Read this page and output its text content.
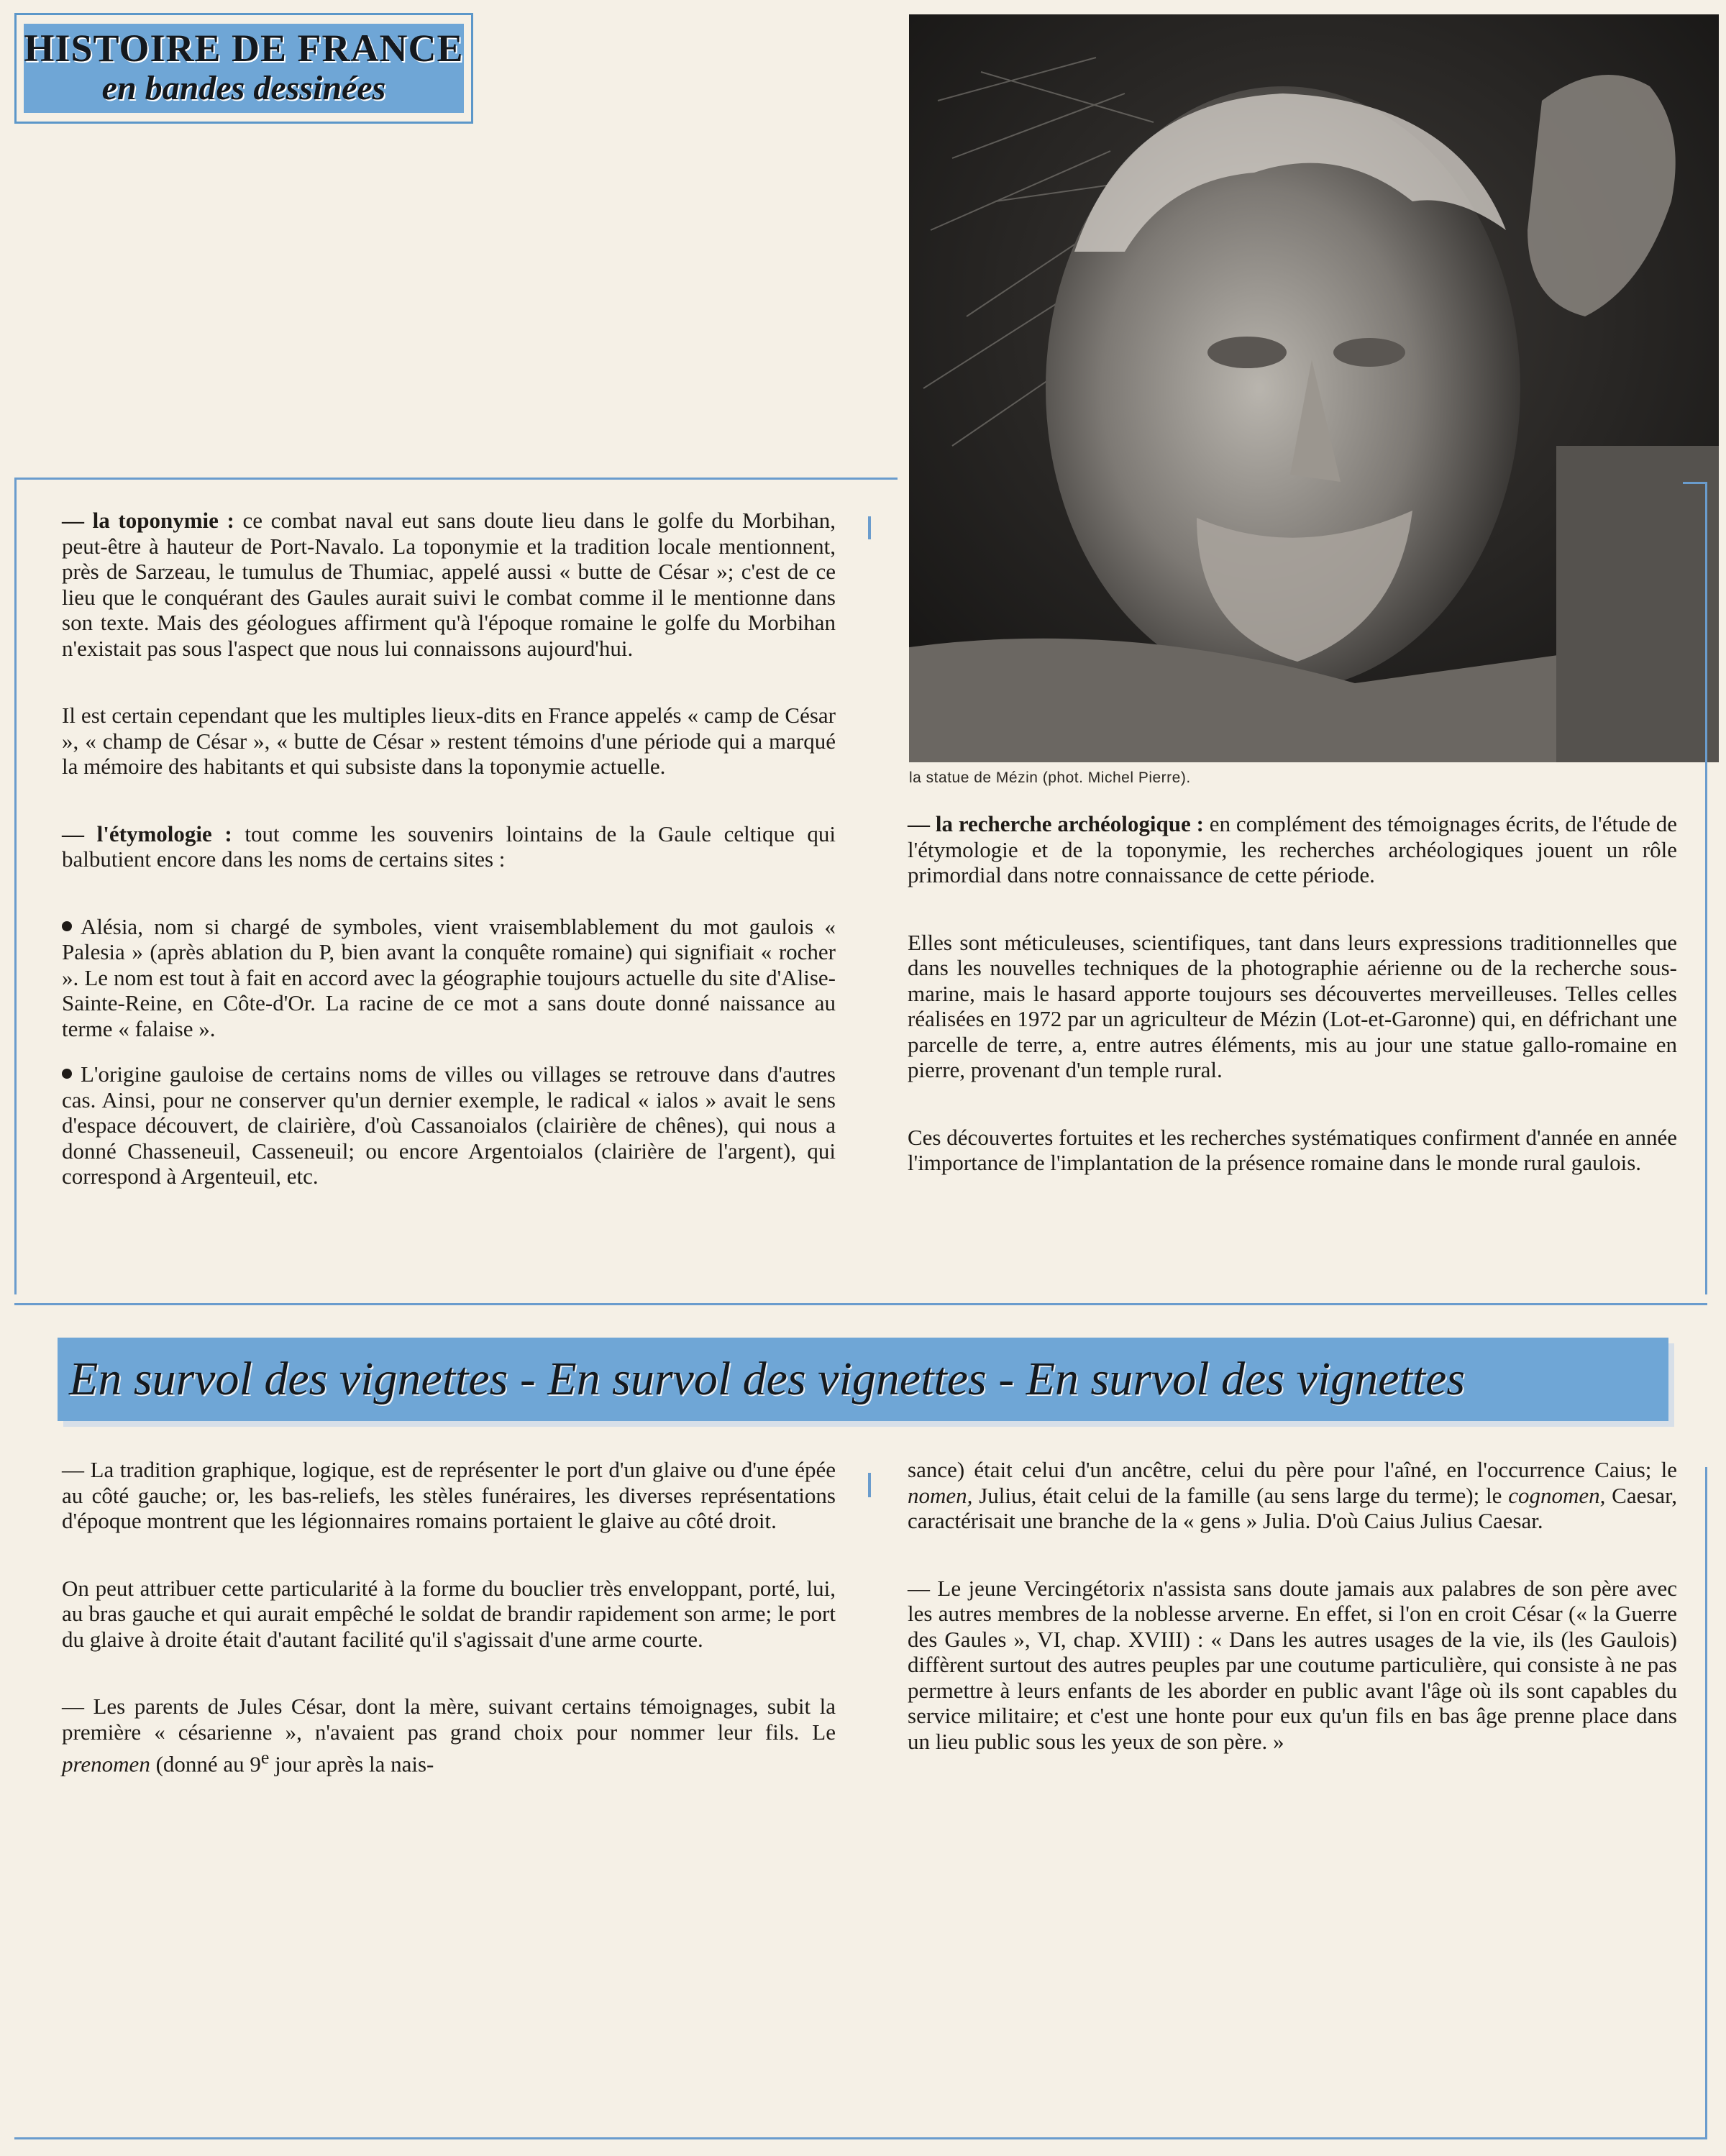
HISTOIRE DE FRANCE
en bandes dessinées
la statue de Mézin (phot. Michel Pierre).

— la toponymie : ce combat naval eut sans doute lieu dans le golfe du Morbihan, peut-être à hauteur de Port-Navalo. La toponymie et la tradition locale mentionnent, près de Sarzeau, le tumulus de Thumiac, appelé aussi « butte de César »; c'est de ce lieu que le conquérant des Gaules aurait suivi le combat comme il le mentionne dans son texte. Mais des géologues affirment qu'à l'époque romaine le golfe du Morbihan n'existait pas sous l'aspect que nous lui connaissons aujourd'hui.

Il est certain cependant que les multiples lieux-dits en France appelés « camp de César », « champ de César », « butte de César » restent témoins d'une période qui a marqué la mémoire des habitants et qui subsiste dans la toponymie actuelle.

— l'étymologie : tout comme les souvenirs lointains de la Gaule celtique qui balbutient encore dans les noms de certains sites :

Alésia, nom si chargé de symboles, vient vraisemblablement du mot gaulois « Palesia » (après ablation du P, bien avant la conquête romaine) qui signifiait « rocher ». Le nom est tout à fait en accord avec la géographie toujours actuelle du site d'Alise-Sainte-Reine, en Côte-d'Or. La racine de ce mot a sans doute donné naissance au terme « falaise ».

L'origine gauloise de certains noms de villes ou villages se retrouve dans d'autres cas. Ainsi, pour ne conserver qu'un dernier exemple, le radical « ialos » avait le sens d'espace découvert, de clairière, d'où Cassanoialos (clairière de chênes), qui nous a donné Chasseneuil, Casseneuil; ou encore Argentoialos (clairière de l'argent), qui correspond à Argenteuil, etc.

— la recherche archéologique : en complément des témoignages écrits, de l'étude de l'étymologie et de la toponymie, les recherches archéologiques jouent un rôle primordial dans notre connaissance de cette période.

Elles sont méticuleuses, scientifiques, tant dans leurs expressions traditionnelles que dans les nouvelles techniques de la photographie aérienne ou de la recherche sous-marine, mais le hasard apporte toujours ses découvertes merveilleuses. Telles celles réalisées en 1972 par un agriculteur de Mézin (Lot-et-Garonne) qui, en défrichant une parcelle de terre, a, entre autres éléments, mis au jour une statue gallo-romaine en pierre, provenant d'un temple rural.

Ces découvertes fortuites et les recherches systématiques confirment d'année en année l'importance de l'implantation de la présence romaine dans le monde rural gaulois.

En survol des vignettes - En survol des vignettes - En survol des vignettes

— La tradition graphique, logique, est de représenter le port d'un glaive ou d'une épée au côté gauche; or, les bas-reliefs, les stèles funéraires, les diverses représentations d'époque montrent que les légionnaires romains portaient le glaive au côté droit.

On peut attribuer cette particularité à la forme du bouclier très enveloppant, porté, lui, au bras gauche et qui aurait empêché le soldat de brandir rapidement son arme; le port du glaive à droite était d'autant facilité qu'il s'agissait d'une arme courte.

— Les parents de Jules César, dont la mère, suivant certains témoignages, subit la première « césarienne », n'avaient pas grand choix pour nommer leur fils. Le prenomen (donné au 9e jour après la nais-

sance) était celui d'un ancêtre, celui du père pour l'aîné, en l'occurrence Caius; le nomen, Julius, était celui de la famille (au sens large du terme); le cognomen, Caesar, caractérisait une branche de la « gens » Julia. D'où Caius Julius Caesar.

— Le jeune Vercingétorix n'assista sans doute jamais aux palabres de son père avec les autres membres de la noblesse arverne. En effet, si l'on en croit César (« la Guerre des Gaules », VI, chap. XVIII) : « Dans les autres usages de la vie, ils (les Gaulois) diffèrent surtout des autres peuples par une coutume particulière, qui consiste à ne pas permettre à leurs enfants de les aborder en public avant l'âge où ils sont capables du service militaire; et c'est une honte pour eux qu'un fils en bas âge prenne place dans un lieu public sous les yeux de son père. »
